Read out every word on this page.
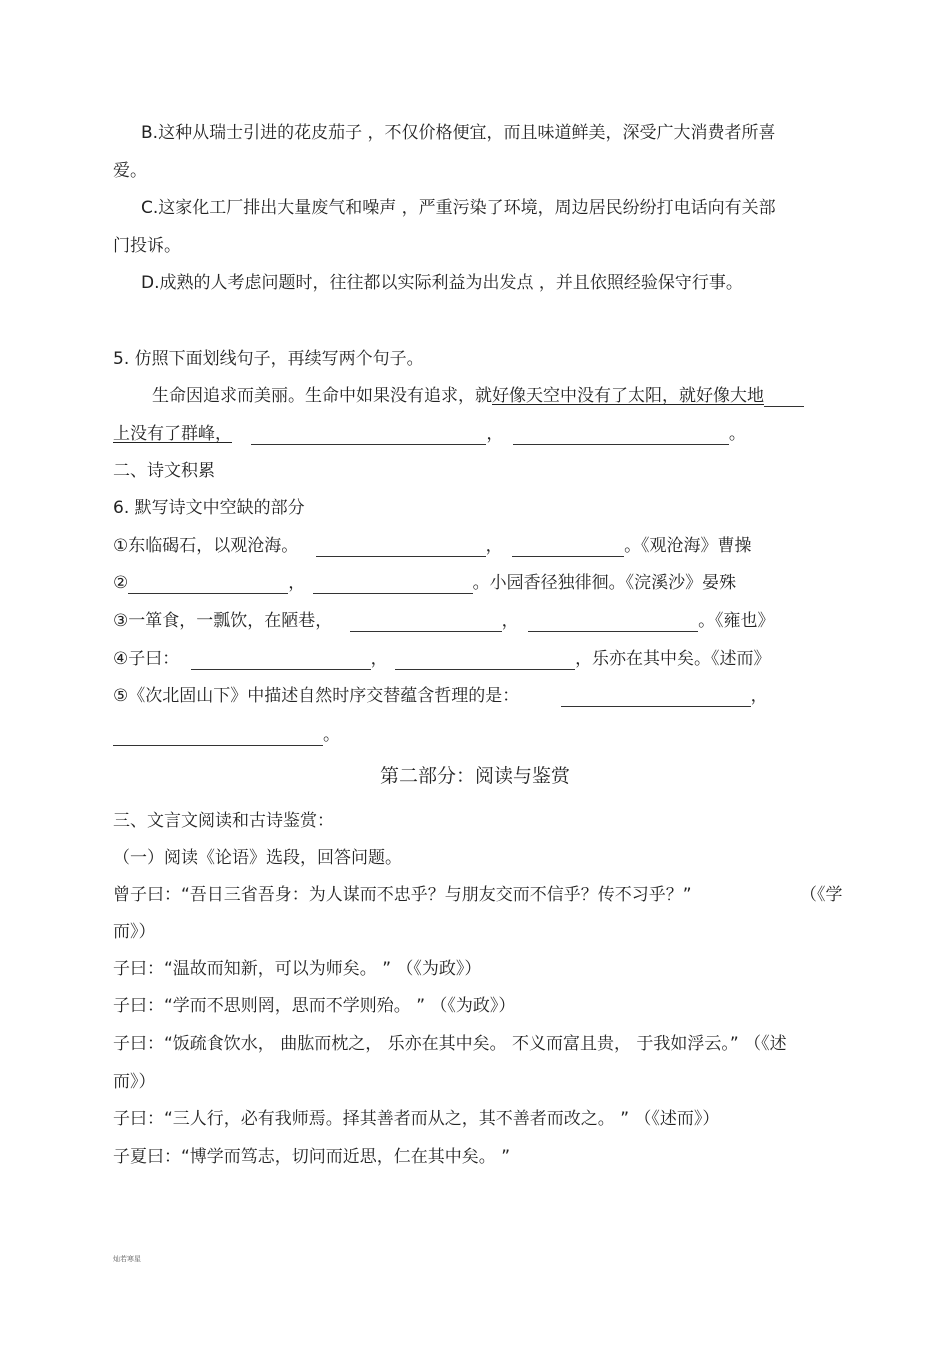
B.这种从瑞士引进的花皮茄子 ，不仅价格便宜，而且味道鲜美，深受广大消费者所喜
爱。
C.这家化工厂排出大量废气和噪声 ，严重污染了环境，周边居民纷纷打电话向有关部
门投诉。
D.成熟的人考虑问题时，往往都以实际利益为出发点 ，并且依照经验保守行事。
5. 仿照下面划线句子，再续写两个句子。
生命因追求而美丽。生命中如果没有追求，就好像天空中没有了太阳，就好像大地
上没有了群峰，	，	。
二、诗文积累
6. 默写诗文中空缺的部分
①东临碣石，以观沧海。	，	。《观沧海》曹操
②	，	。小园香径独徘徊。《浣溪沙》晏殊
③一箪食，一瓢饮，在陋巷，	，	。《雍也》
④子曰：	，	，乐亦在其中矣。《述而》
⑤《次北固山下》中描述自然时序交替蕴含哲理的是：	，
。
第二部分：阅读与鉴赏
三、文言文阅读和古诗鉴赏：
（一）阅读《论语》选段，回答问题。
曾子曰：“吾日三省吾身：为人谋而不忠乎？与朋友交而不信乎？传不习乎？”	（《学
而》）
子曰：“温故而知新，可以为师矣。 ” （《为政》）
子曰：“学而不思则罔，思而不学则殆。 ” （《为政》）
子曰：“饭疏食饮水， 曲肱而枕之， 乐亦在其中矣。 不义而富且贵， 于我如浮云。” （《述
而》）
子曰：“三人行，必有我师焉。择其善者而从之，其不善者而改之。 ” （《述而》）
子夏曰：“博学而笃志，切问而近思，仁在其中矣。 ”
灿若寒星
